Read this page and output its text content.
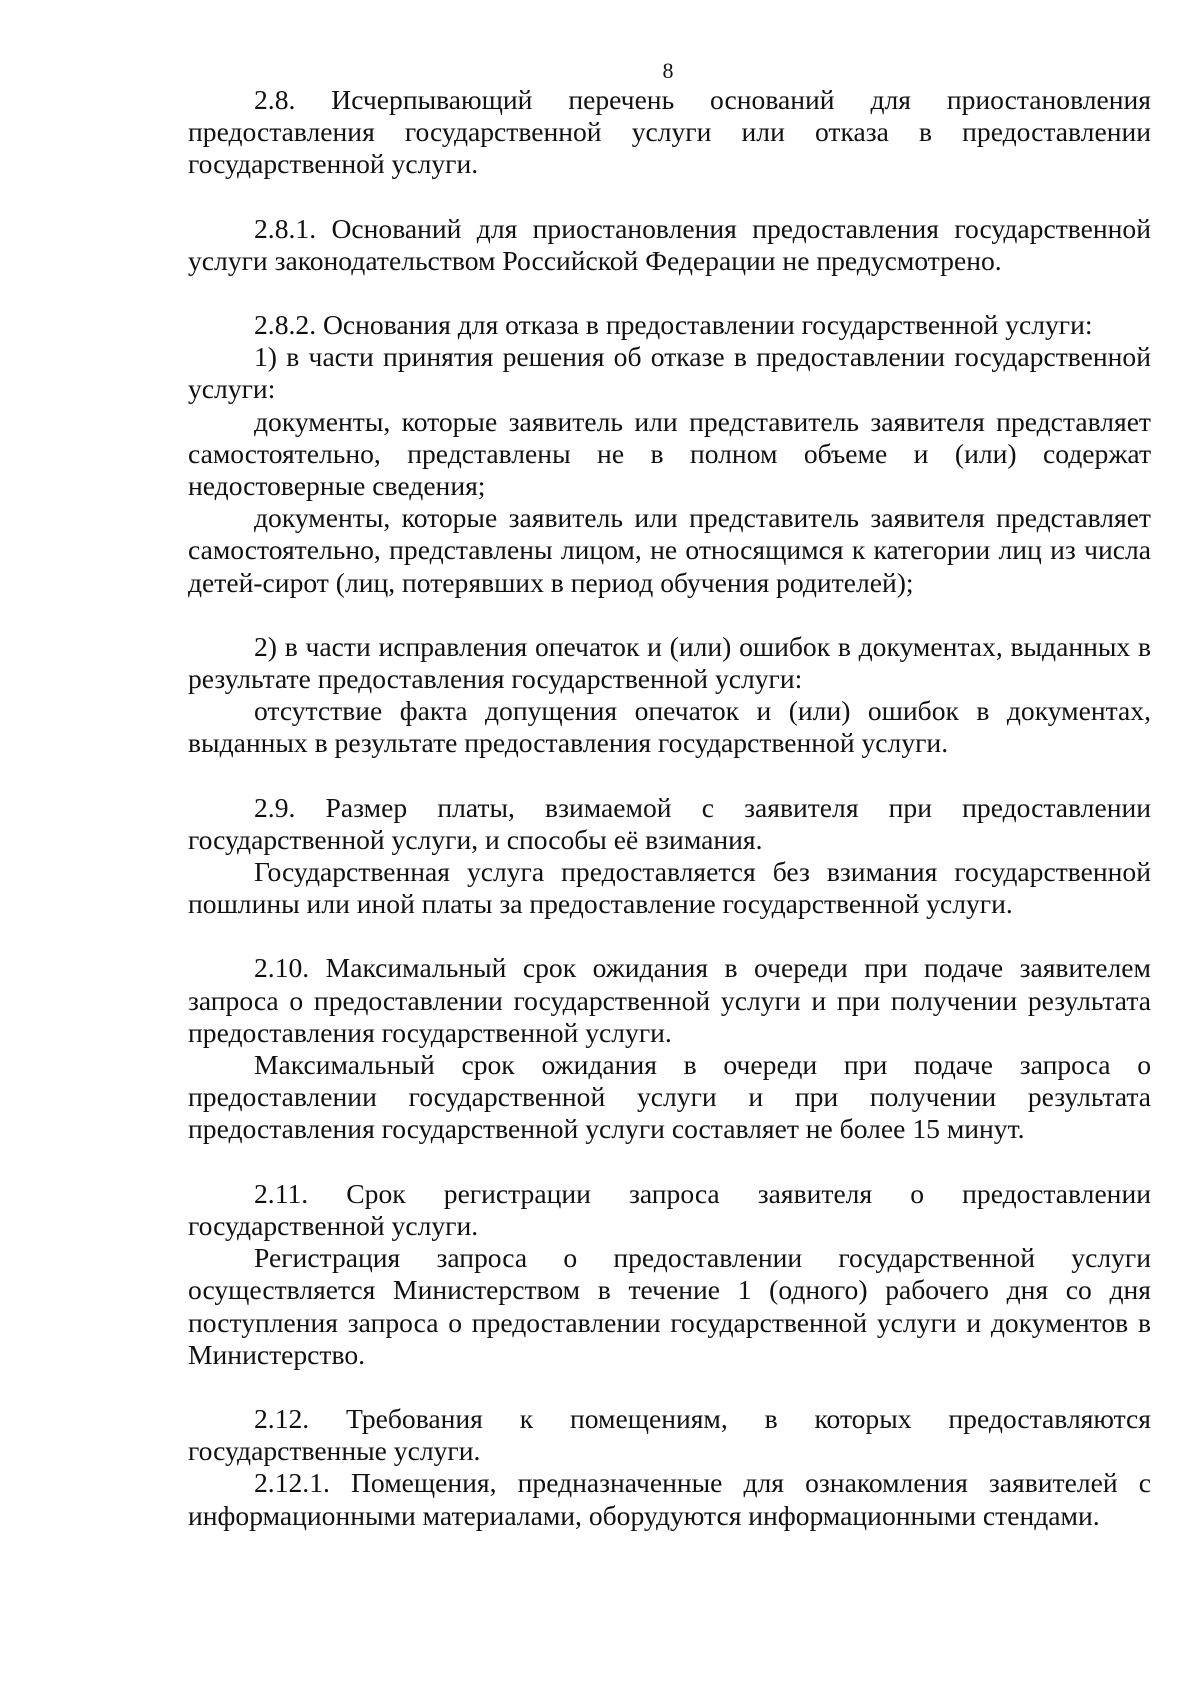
8

2.8. Исчерпывающий перечень оснований для приостановления предоставления государственной услуги или отказа в предоставлении государственной услуги.

2.8.1. Оснований для приостановления предоставления государственной услуги законодательством Российской Федерации не предусмотрено.

2.8.2. Основания для отказа в предоставлении государственной услуги:

1) в части принятия решения об отказе в предоставлении государственной услуги:

документы, которые заявитель или представитель заявителя представляет самостоятельно, представлены не в полном объеме и (или) содержат недостоверные сведения;

документы, которые заявитель или представитель заявителя представляет самостоятельно, представлены лицом, не относящимся к категории лиц из числа детей-сирот (лиц, потерявших в период обучения родителей);

2) в части исправления опечаток и (или) ошибок в документах, выданных в результате предоставления государственной услуги:

отсутствие факта допущения опечаток и (или) ошибок в документах, выданных в результате предоставления государственной услуги.

2.9. Размер платы, взимаемой с заявителя при предоставлении государственной услуги, и способы её взимания.

Государственная услуга предоставляется без взимания государственной пошлины или иной платы за предоставление государственной услуги.

2.10. Максимальный срок ожидания в очереди при подаче заявителем запроса о предоставлении государственной услуги и при получении результата предоставления государственной услуги.

Максимальный срок ожидания в очереди при подаче запроса о предоставлении государственной услуги и при получении результата предоставления государственной услуги составляет не более 15 минут.

2.11. Срок регистрации запроса заявителя о предоставлении государственной услуги.

Регистрация запроса о предоставлении государственной услуги осуществляется Министерством в течение 1 (одного) рабочего дня со дня поступления запроса о предоставлении государственной услуги и документов в Министерство.

2.12. Требования к помещениям, в которых предоставляются государственные услуги.

2.12.1. Помещения, предназначенные для ознакомления заявителей с информационными материалами, оборудуются информационными стендами.
